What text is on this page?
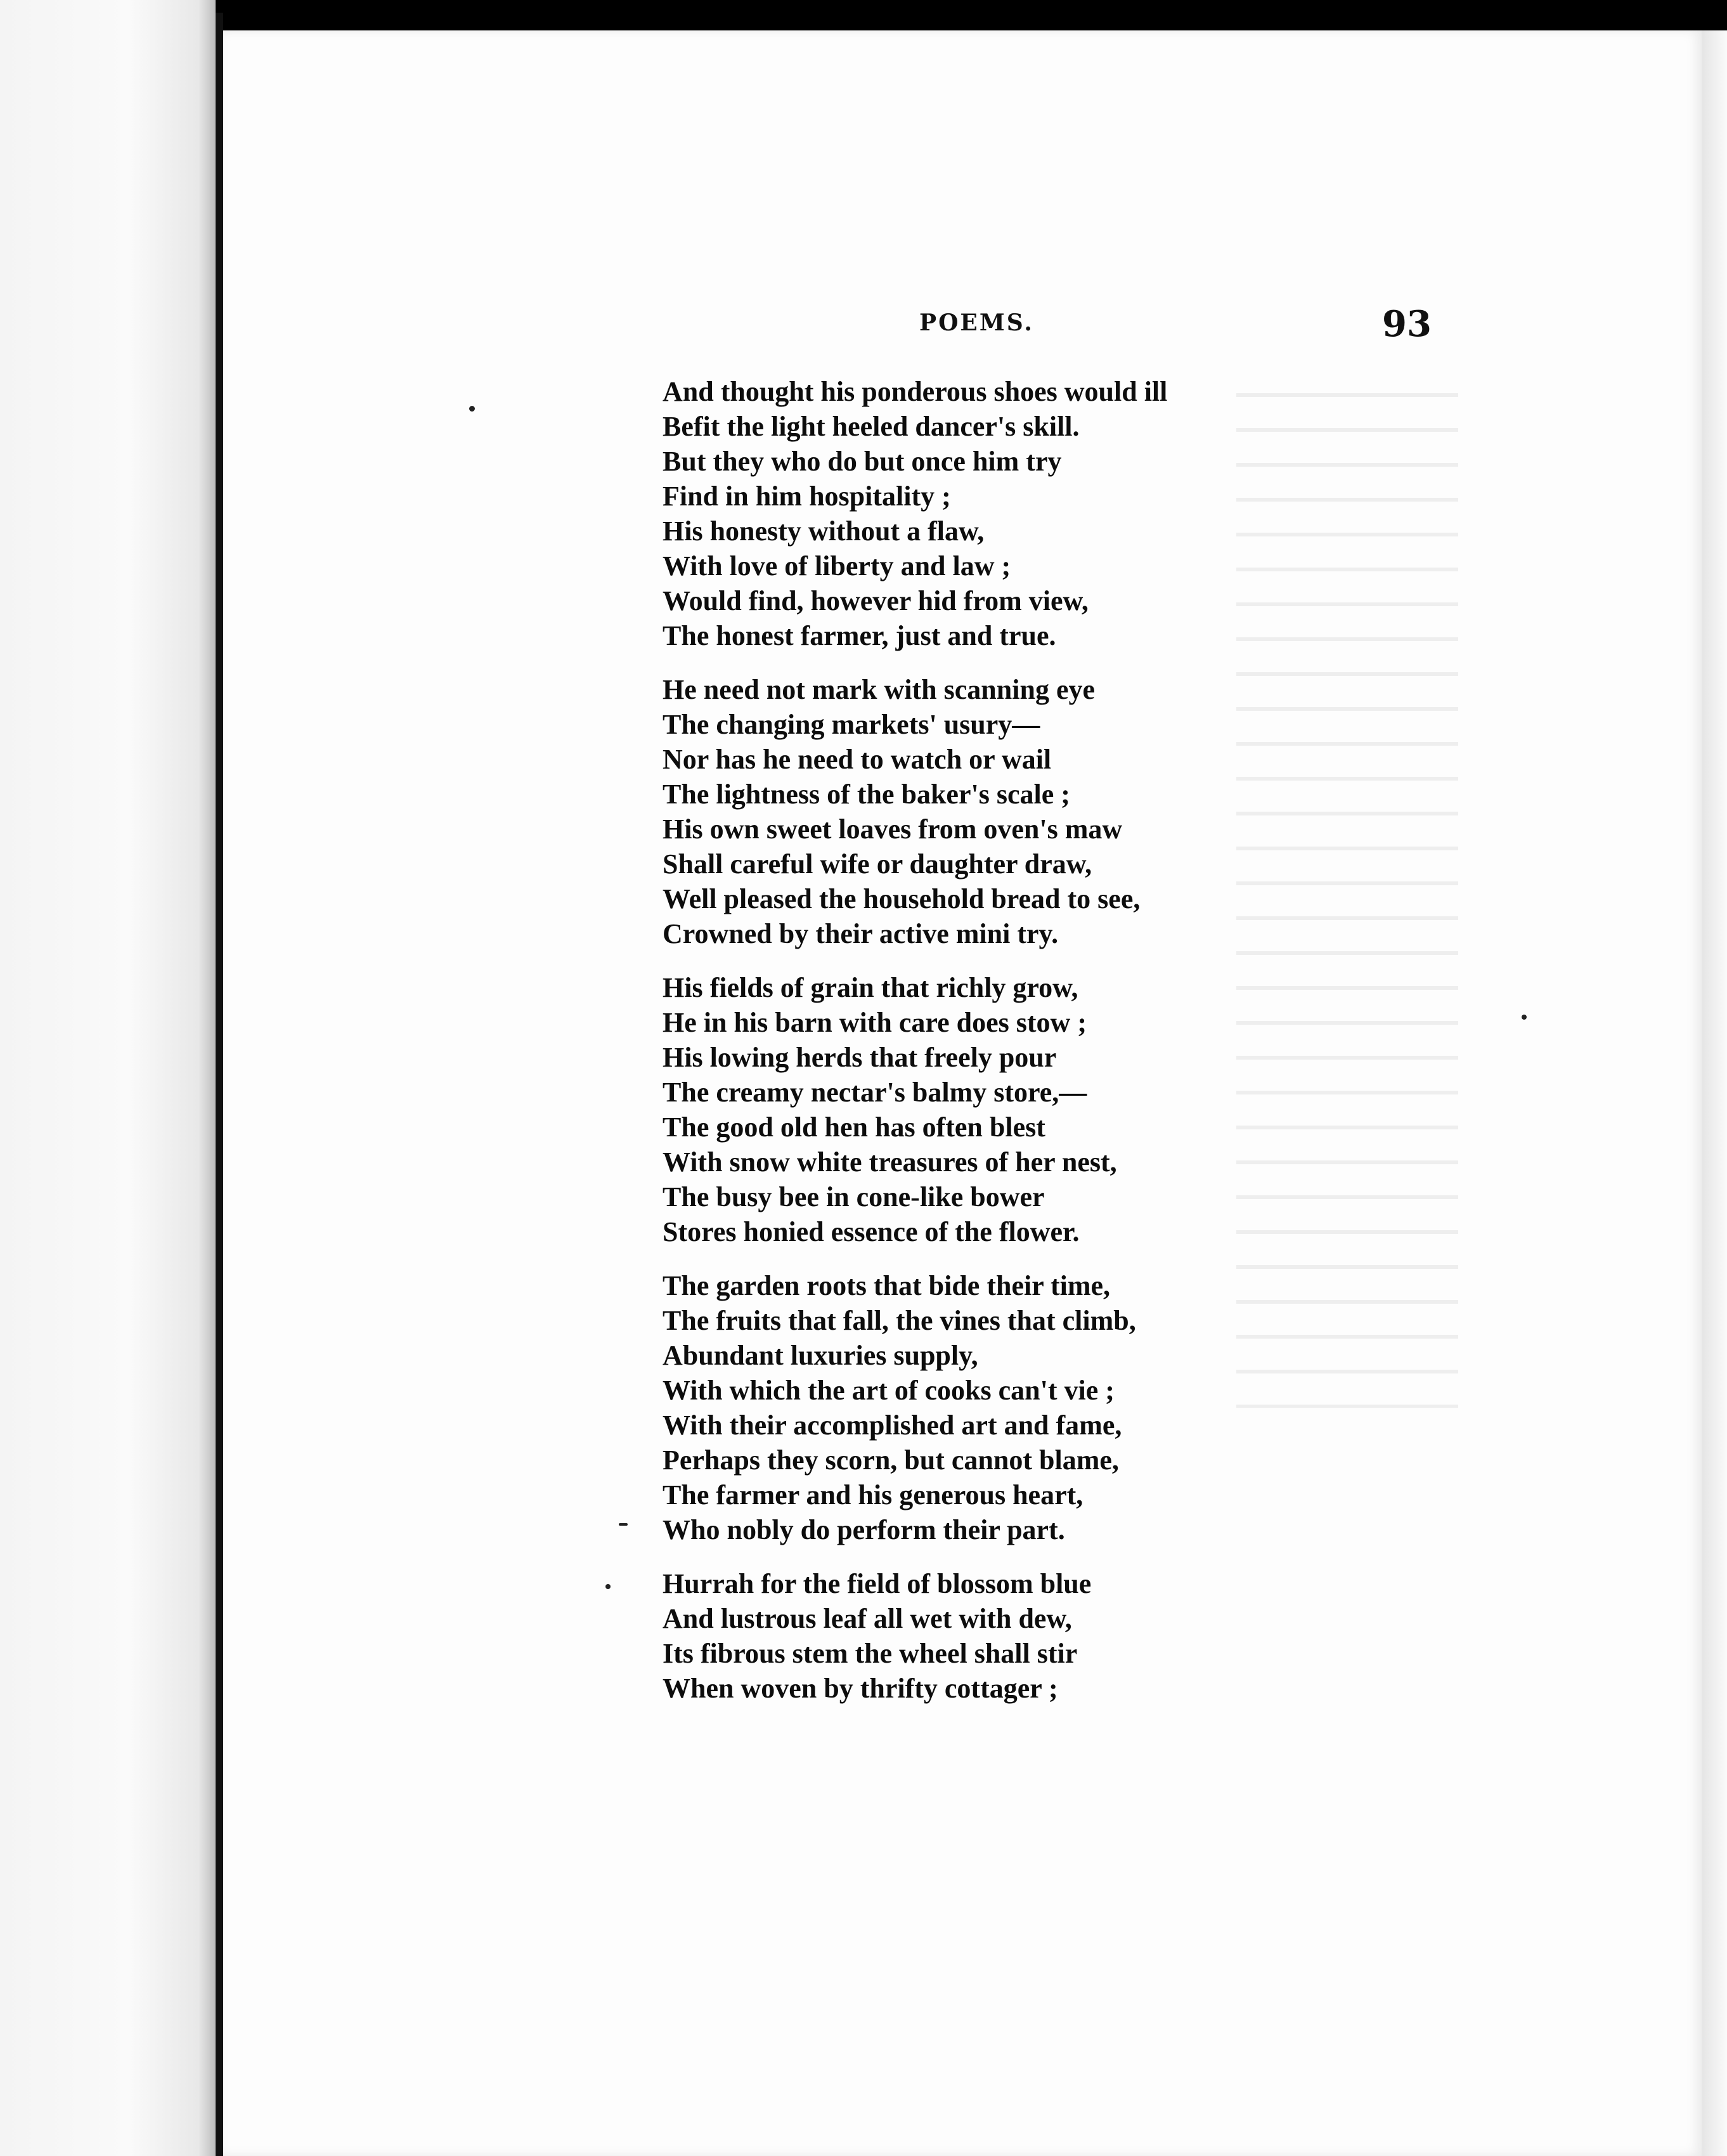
POEMS.	93
And thought his ponderous shoes would ill
Befit the light heeled dancer's skill.
But they who do but once him try
Find in him hospitality ;
His honesty without a flaw,
With love of liberty and law ;
Would find, however hid from view,
The honest farmer, just and true.
He need not mark with scanning eye
The changing markets' usury—
Nor has he need to watch or wail
The lightness of the baker's scale ;
His own sweet loaves from oven's maw
Shall careful wife or daughter draw,
Well pleased the household bread to see,
Crowned by their active mini try.
His fields of grain that richly grow,
He in his barn with care does stow ;
His lowing herds that freely pour
The creamy nectar's balmy store,—
The good old hen has often blest
With snow white treasures of her nest,
The busy bee in cone-like bower
Stores honied essence of the flower.
The garden roots that bide their time,
The fruits that fall, the vines that climb,
Abundant luxuries supply,
With which the art of cooks can't vie ;
With their accomplished art and fame,
Perhaps they scorn, but cannot blame,
The farmer and his generous heart,
Who nobly do perform their part.
Hurrah for the field of blossom blue
And lustrous leaf all wet with dew,
Its fibrous stem the wheel shall stir
When woven by thrifty cottager ;
